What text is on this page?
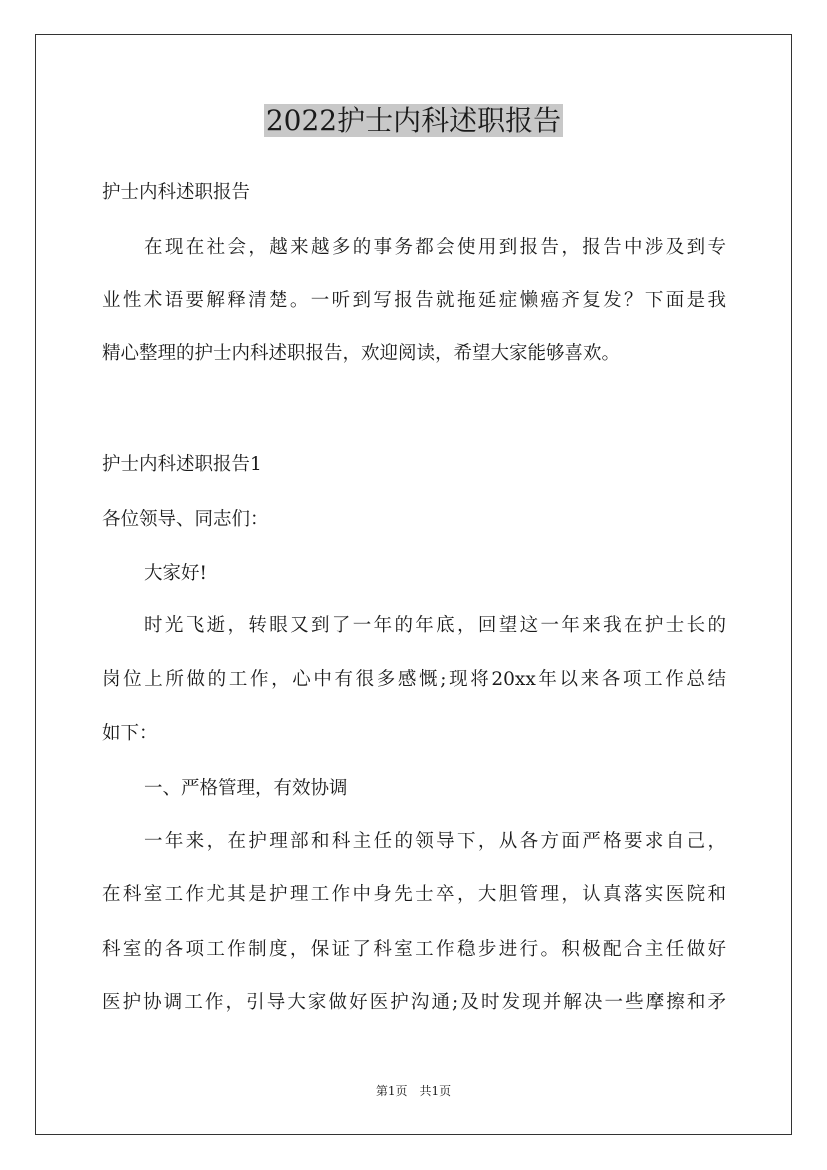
2022护士内科述职报告
护士内科述职报告
在现在社会，越来越多的事务都会使用到报告，报告中涉及到专
业性术语要解释清楚。一听到写报告就拖延症懒癌齐复发？下面是我
精心整理的护士内科述职报告，欢迎阅读，希望大家能够喜欢。
护士内科述职报告1
各位领导、同志们：
大家好!
时光飞逝，转眼又到了一年的年底，回望这一年来我在护士长的
岗位上所做的工作，心中有很多感慨;现将20xx年以来各项工作总结
如下：
一、严格管理，有效协调
一年来，在护理部和科主任的领导下，从各方面严格要求自己，
在科室工作尤其是护理工作中身先士卒，大胆管理，认真落实医院和
科室的各项工作制度，保证了科室工作稳步进行。积极配合主任做好
医护协调工作，引导大家做好医护沟通;及时发现并解决一些摩擦和矛
第1页 共1页
